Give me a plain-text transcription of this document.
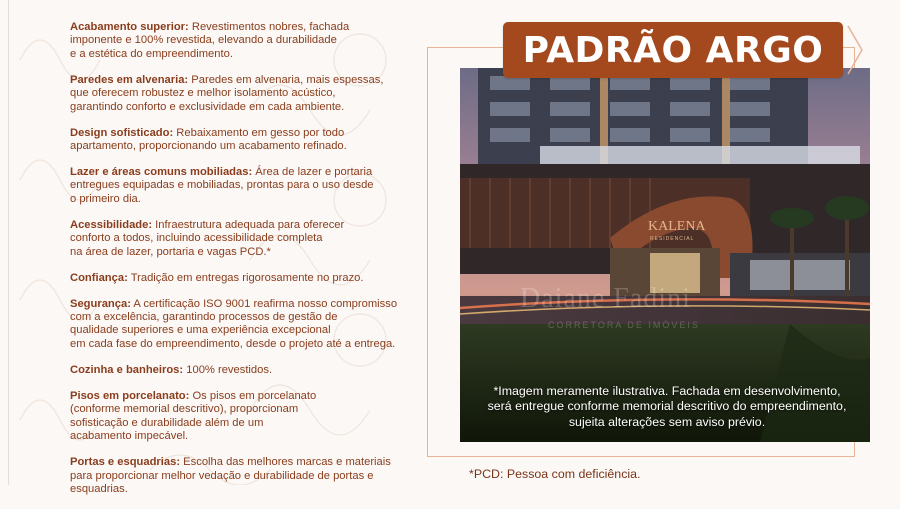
Acabamento superior: Revestimentos nobres, fachada
imponente e 100% revestida, elevando a durabilidade
e a estética do empreendimento.
Paredes em alvenaria: Paredes em alvenaria, mais espessas,
que oferecem robustez e melhor isolamento acústico,
garantindo conforto e exclusividade em cada ambiente.
Design sofisticado: Rebaixamento em gesso por todo
apartamento, proporcionando um acabamento refinado.
Lazer e áreas comuns mobiliadas: Área de lazer e portaria
entregues equipadas e mobiliadas, prontas para o uso desde
o primeiro dia.
Acessibilidade: Infraestrutura adequada para oferecer
conforto a todos, incluindo acessibilidade completa
na área de lazer, portaria e vagas PCD.*
Confiança: Tradição em entregas rigorosamente no prazo.
Segurança: A certificação ISO 9001 reafirma nosso compromisso
com a excelência, garantindo processos de gestão de
qualidade superiores e uma experiência excepcional
em cada fase do empreendimento, desde o projeto até a entrega.
Cozinha e banheiros: 100% revestidos.
Pisos em porcelanato: Os pisos em porcelanato
(conforme memorial descritivo), proporcionam
sofisticação e durabilidade além de um
acabamento impecável.
Portas e esquadrias: Escolha das melhores marcas e materiais
para proporcionar melhor vedação e durabilidade de portas e
esquadrias.
KALENA
RESIDENCIAL
*Imagem meramente ilustrativa. Fachada em desenvolvimento,
será entregue conforme memorial descritivo do empreendimento,
sujeita alterações sem aviso prévio.
Daiane Fadini
CORRETORA DE IMÓVEIS
PADRÃO ARGO
*PCD: Pessoa com deficiência.
